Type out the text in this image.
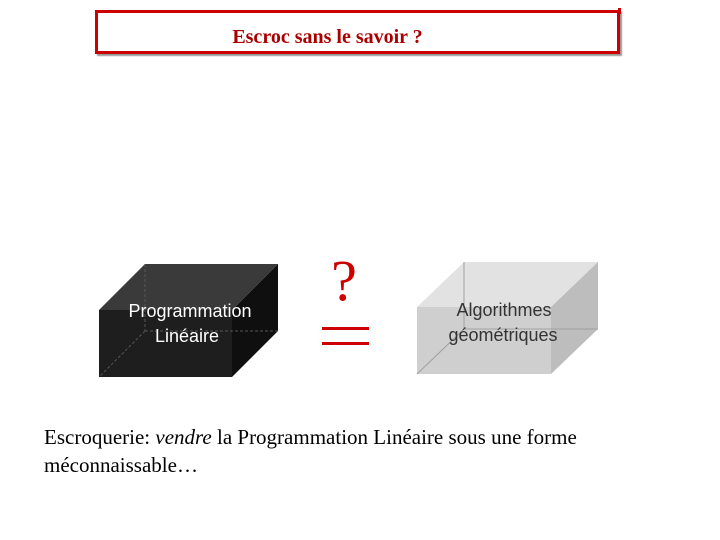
Escroc sans le savoir ?
Programmation
Linéaire
?	Algorithmes
géométriques
Escroquerie: vendre la Programmation Linéaire sous une forme méconnaissable…
